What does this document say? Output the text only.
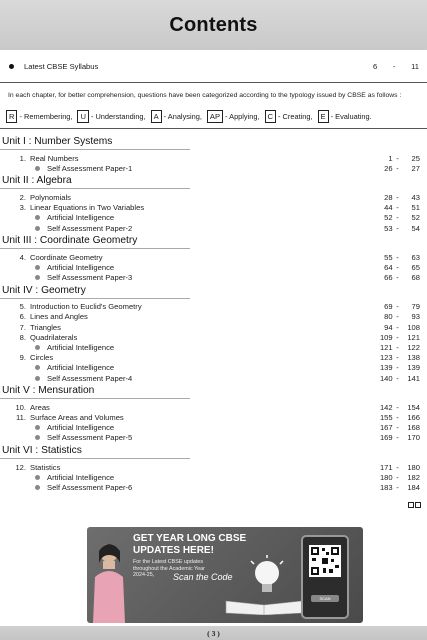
Contents
Latest CBSE Syllabus	6 - 11

In each chapter, for better comprehension, questions have been categorized according to the typology issued by CBSE as follows :

R - Remembering,	U - Understanding,	A - Analysing,	AP - Applying,	C - Creating,	E - Evaluating.
Unit I : Number Systems
1. Real Numbers	1 -	25
Self Assessment Paper-1	26 -	27
Unit II : Algebra
2. Polynomials	28 -	43
3. Linear Equations in Two Variables	44 -	51
Artificial Intelligence	52 -	52
Self Assessment Paper-2	53 -	54
Unit III : Coordinate Geometry
4. Coordinate Geometry	55 -	63
Artificial Intelligence	64 -	65
Self Assessment Paper-3	66 -	68
Unit IV : Geometry
5. Introduction to Euclid's Geometry	69 -	79
6. Lines and Angles	80 -	93
7. Triangles	94 -	108
8. Quadrilaterals	109 -	121
Artificial Intelligence	121 -	122
9. Circles	123 -	138
Artificial Intelligence	139 -	139
Self Assessment Paper-4	140 -	141
Unit V : Mensuration
10. Areas	142 -	154
11. Surface Areas and Volumes	155 -	166
Artificial Intelligence	167 -	168
Self Assessment Paper-5	169 -	170
Unit VI : Statistics
12. Statistics	171 -	180
Artificial Intelligence	180 -	182
Self Assessment Paper-6	183 -	184
GET YEAR LONG CBSE
UPDATES HERE!
For the Latest CBSE updates throughout the Academic Year 2024-25,	Scan the Code
SCAN
( 3 )
